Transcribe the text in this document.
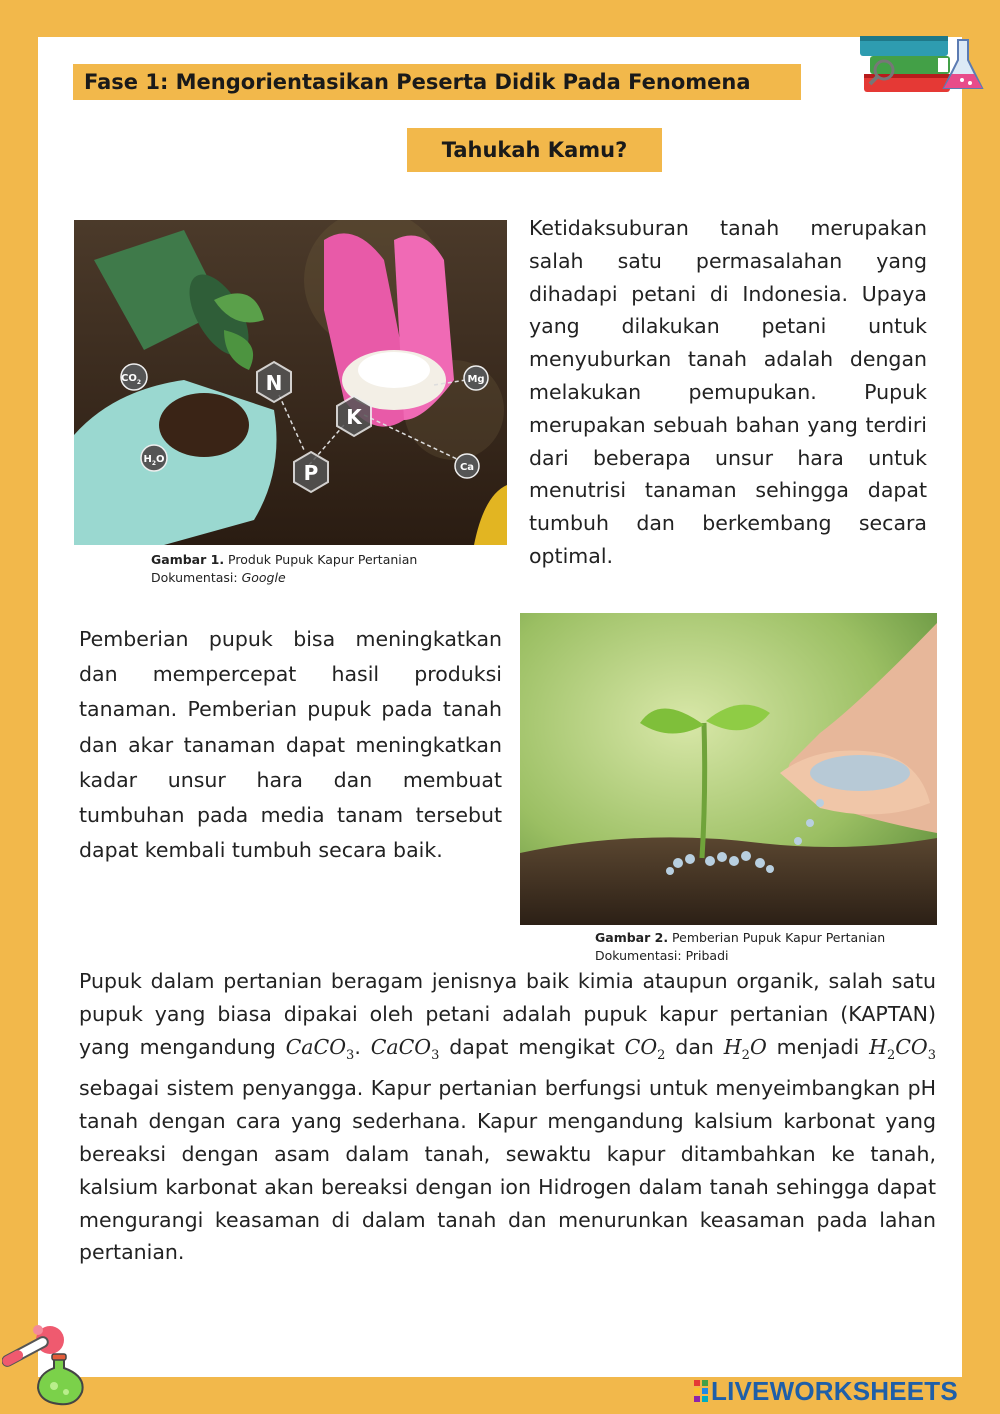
Fase 1: Mengorientasikan Peserta Didik Pada Fenomena
Tahukah Kamu?
N
K
P
Mg
Ca
$CO_2$
$H_2O$
Gambar 1. Produk Pupuk Kapur Pertanian
Dokumentasi: Google

Ketidaksuburan tanah merupakan salah satu permasalahan yang dihadapi petani di Indonesia. Upaya yang dilakukan petani untuk menyuburkan tanah adalah dengan melakukan pemupukan. Pupuk merupakan sebuah bahan yang terdiri dari beberapa unsur hara untuk menutrisi tanaman sehingga dapat tumbuh dan berkembang secara optimal.

Pemberian pupuk bisa meningkatkan dan mempercepat hasil produksi tanaman. Pemberian pupuk pada tanah dan akar tanaman dapat meningkatkan kadar unsur hara dan membuat tumbuhan pada media tanam tersebut dapat kembali tumbuh secara baik.

Gambar 2. Pemberian Pupuk Kapur Pertanian
Dokumentasi: Pribadi

Pupuk dalam pertanian beragam jenisnya baik kimia ataupun organik, salah satu pupuk yang biasa dipakai oleh petani adalah pupuk kapur pertanian (KAPTAN) yang mengandung CaCO$_3$. CaCO$_3$ dapat mengikat $CO_2$ dan $H_2O$ menjadi $H_2CO_3$ sebagai sistem penyangga. Kapur pertanian berfungsi untuk menyeimbangkan pH tanah dengan cara yang sederhana. Kapur mengandung kalsium karbonat yang bereaksi dengan asam dalam tanah, sewaktu kapur ditambahkan ke tanah, kalsium karbonat akan bereaksi dengan ion Hidrogen dalam tanah sehingga dapat mengurangi keasaman di dalam tanah dan menurunkan keasaman pada lahan pertanian.

LIVEWORKSHEETS
